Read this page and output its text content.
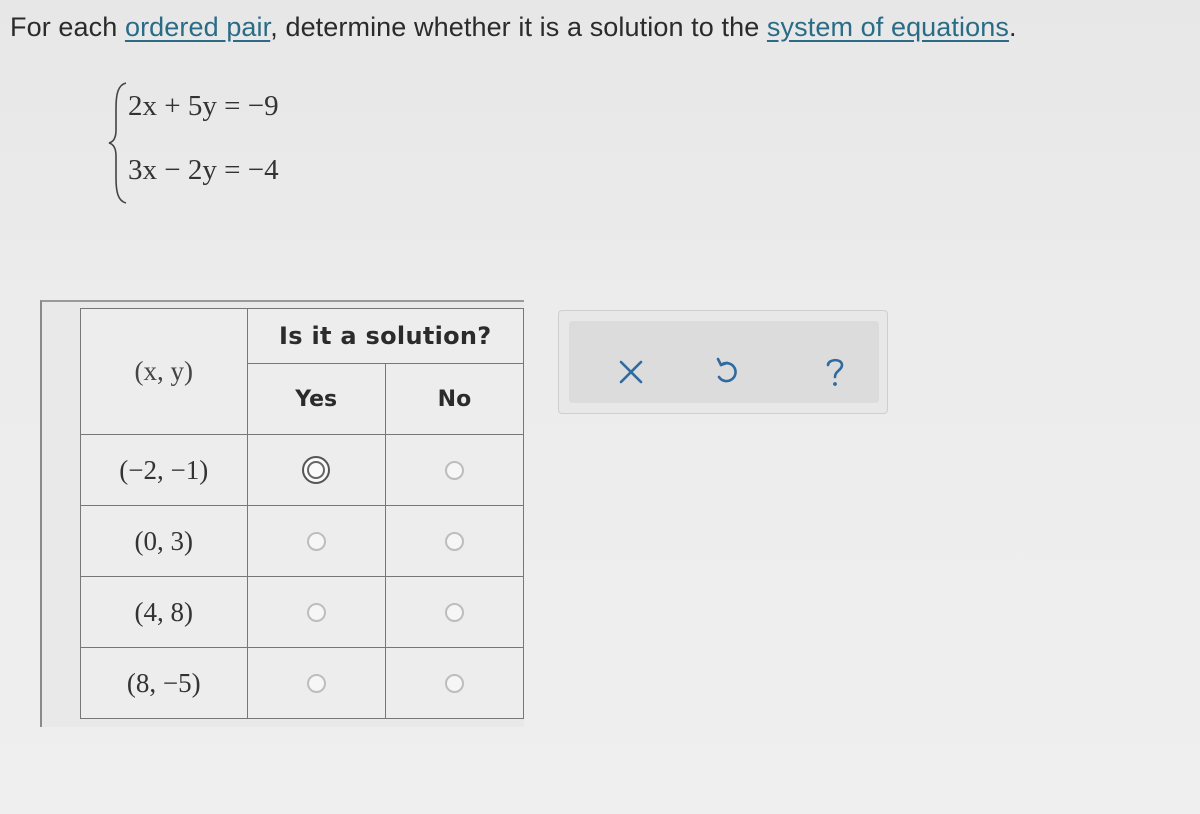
For each ordered pair, determine whether it is a solution to the system of equations.
2x + 5y = −9
3x − 2y = −4
(x, y)	Is it a solution?	
	Yes	No
(−2, −1)		
(0, 3)		
(4, 8)		
(8, −5)		
